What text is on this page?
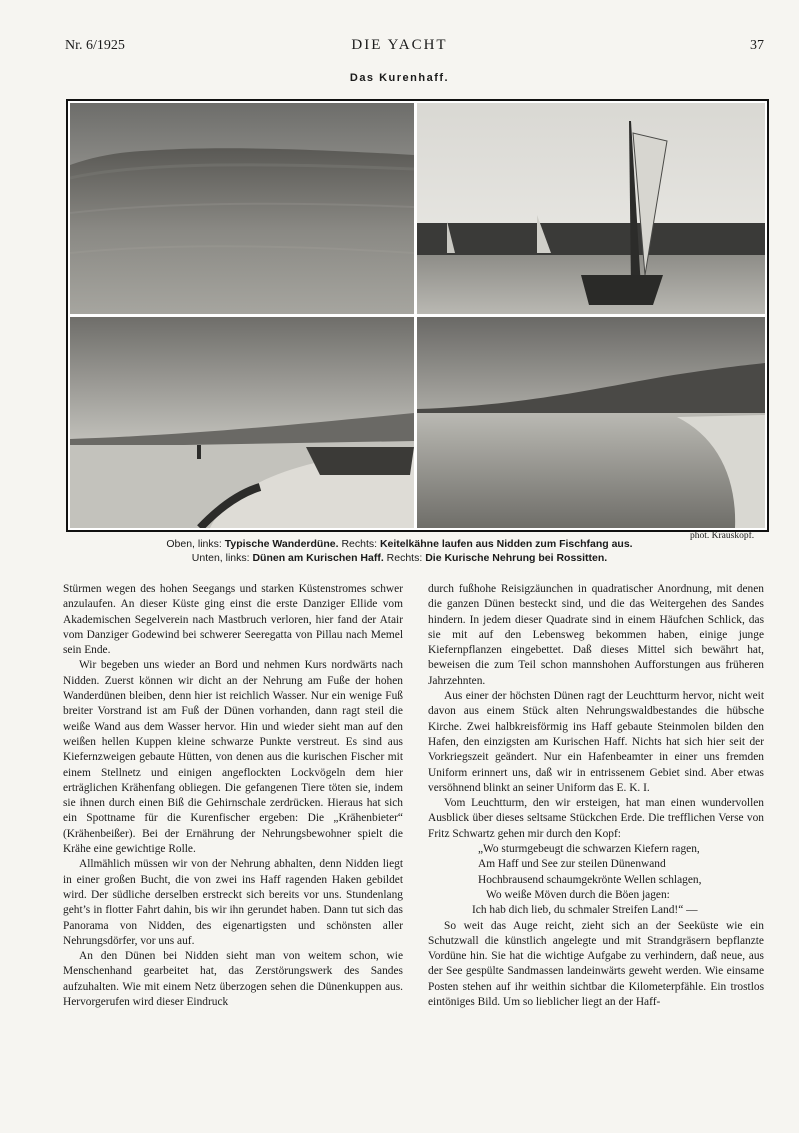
Nr. 6/1925	DIE YACHT	37
Das Kurenhaff.
phot. Krauskopf.
Oben, links: Typische Wanderdüne. Rechts: Keitelkähne laufen aus Nidden zum Fischfang aus.
Unten, links: Dünen am Kurischen Haff. Rechts: Die Kurische Nehrung bei Rossitten.

Stürmen wegen des hohen Seegangs und starken Küstenstromes schwer anzulaufen. An dieser Küste ging einst die erste Danziger Ellide vom Akademischen Segelverein nach Mastbruch verloren, hier fand der Atair vom Danziger Godewind bei schwerer Seeregatta von Pillau nach Memel sein Ende.

Wir begeben uns wieder an Bord und nehmen Kurs nordwärts nach Nidden. Zuerst können wir dicht an der Nehrung am Fuße der hohen Wanderdünen bleiben, denn hier ist reichlich Wasser. Nur ein wenige Fuß breiter Vorstrand ist am Fuß der Dünen vorhanden, dann ragt steil die weiße Wand aus dem Wasser hervor. Hin und wieder sieht man auf den weißen hellen Kuppen kleine schwarze Punkte verstreut. Es sind aus Kiefernzweigen gebaute Hütten, von denen aus die kurischen Fischer mit einem Stellnetz und einigen angeflockten Lockvögeln dem hier erträglichen Krähenfang obliegen. Die gefangenen Tiere töten sie, indem sie ihnen durch einen Biß die Gehirnschale zerdrücken. Hieraus hat sich ein Spottname für die Kurenfischer ergeben: Die „Krähenbieter“ (Krähenbeißer). Bei der Ernährung der Nehrungsbewohner spielt die Krähe eine gewichtige Rolle.

Allmählich müssen wir von der Nehrung abhalten, denn Nidden liegt in einer großen Bucht, die von zwei ins Haff ragenden Haken gebildet wird. Der südliche derselben erstreckt sich bereits vor uns. Stundenlang geht’s in flotter Fahrt dahin, bis wir ihn gerundet haben. Dann tut sich das Panorama von Nidden, des eigenartigsten und schönsten aller Nehrungsdörfer, vor uns auf.

An den Dünen bei Nidden sieht man von weitem schon, wie Menschenhand gearbeitet hat, das Zerstörungswerk des Sandes aufzuhalten. Wie mit einem Netz überzogen sehen die Dünenkuppen aus. Hervorgerufen wird dieser Eindruck

durch fußhohe Reisigzäunchen in quadratischer Anordnung, mit denen die ganzen Dünen besteckt sind, und die das Weitergehen des Sandes hindern. In jedem dieser Quadrate sind in einem Häufchen Schlick, das sie mit auf den Lebensweg bekommen haben, einige junge Kiefernpflanzen eingebettet. Daß dieses Mittel sich bewährt hat, beweisen die zum Teil schon mannshohen Aufforstungen aus früheren Jahrzehnten.

Aus einer der höchsten Dünen ragt der Leuchtturm hervor, nicht weit davon aus einem Stück alten Nehrungswaldbestandes die hübsche Kirche. Zwei halbkreisförmig ins Haff gebaute Steinmolen bilden den Hafen, den einzigsten am Kurischen Haff. Nichts hat sich hier seit der Vorkriegszeit geändert. Nur ein Hafenbeamter in einer uns fremden Uniform erinnert uns, daß wir in entrissenem Gebiet sind. Aber etwas versöhnend blinkt an seiner Uniform das E. K. I.

Vom Leuchtturm, den wir ersteigen, hat man einen wundervollen Ausblick über dieses seltsame Stückchen Erde. Die trefflichen Verse von Fritz Schwartz gehen mir durch den Kopf:

„Wo sturmgebeugt die schwarzen Kiefern ragen,

Am Haff und See zur steilen Dünenwand

Hochbrausend schaumgekrönte Wellen schlagen,

Wo weiße Möven durch die Böen jagen:

Ich hab dich lieb, du schmaler Streifen Land!“ —

So weit das Auge reicht, zieht sich an der Seeküste wie ein Schutzwall die künstlich angelegte und mit Strandgräsern bepflanzte Vordüne hin. Sie hat die wichtige Aufgabe zu verhindern, daß neue, aus der See gespülte Sandmassen landeinwärts geweht werden. Wie einsame Posten stehen auf ihr weithin sichtbar die Kilometerpfähle. Ein trostlos eintöniges Bild. Um so lieblicher liegt an der Haff-
